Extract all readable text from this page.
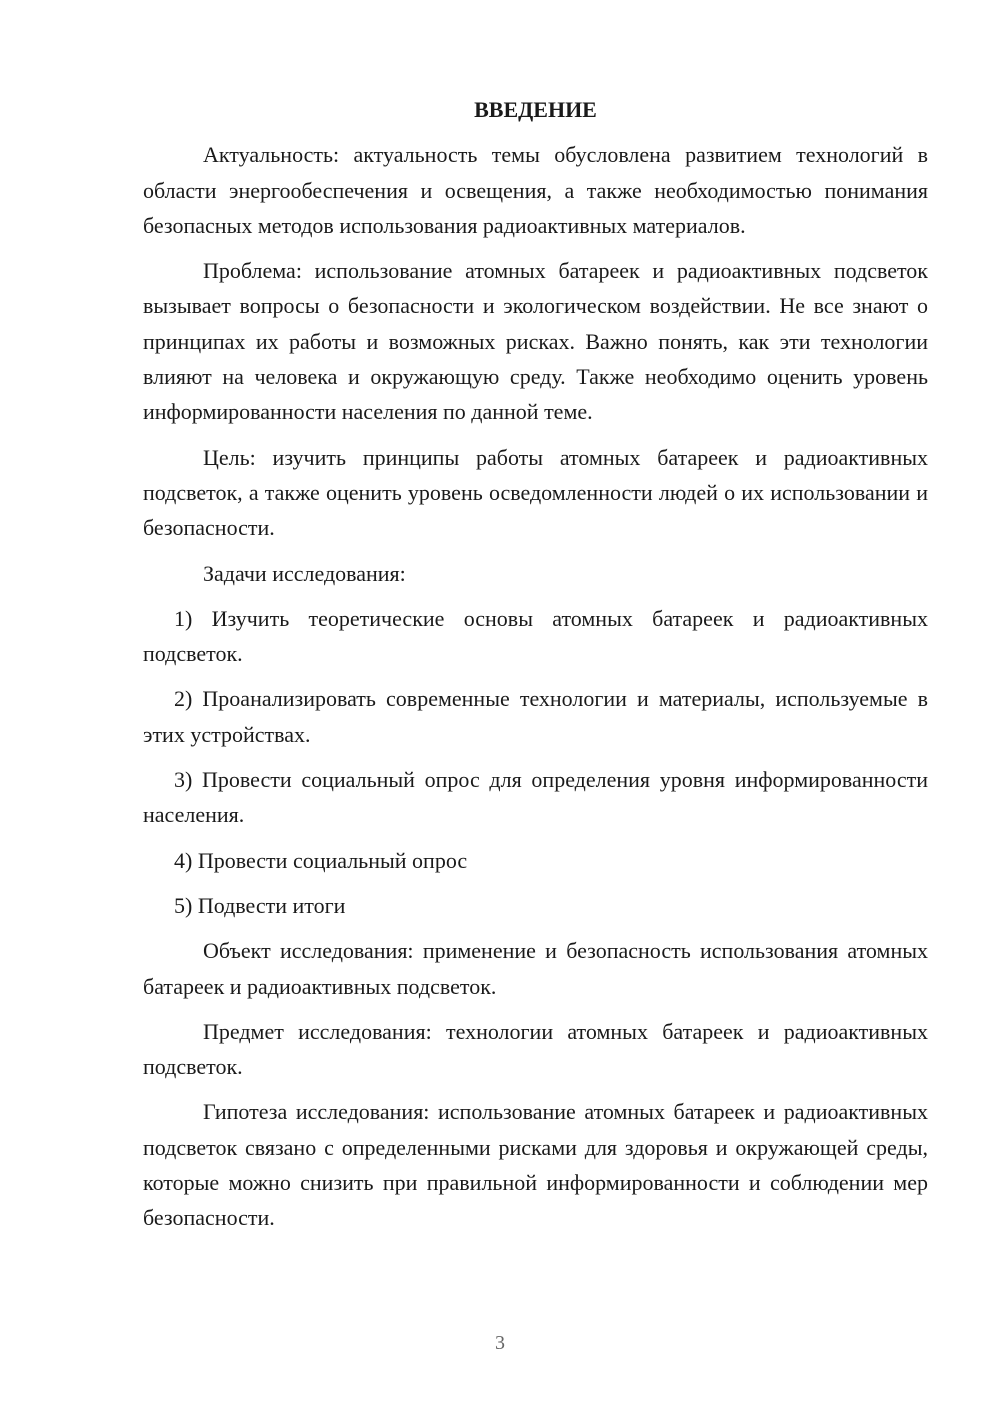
ВВЕДЕНИЕ

Актуальность: актуальность темы обусловлена развитием технологий в области энергообеспечения и освещения, а также необходимостью понимания безопасных методов использования радиоактивных материалов.

Проблема: использование атомных батареек и радиоактивных подсветок вызывает вопросы о безопасности и экологическом воздействии. Не все знают о принципах их работы и возможных рисках. Важно понять, как эти технологии влияют на человека и окружающую среду. Также необходимо оценить уровень информированности населения по данной теме.

Цель: изучить принципы работы атомных батареек и радиоактивных подсветок, а также оценить уровень осведомленности людей о их использовании и безопасности.

Задачи исследования:

1) Изучить теоретические основы атомных батареек и радиоактивных подсветок.

2) Проанализировать современные технологии и материалы, используемые в этих устройствах.

3) Провести социальный опрос для определения уровня информированности населения.

4) Провести социальный опрос

5) Подвести итоги

Объект исследования: применение и безопасность использования атомных батареек и радиоактивных подсветок.

Предмет исследования: технологии атомных батареек и радиоактивных подсветок.

Гипотеза исследования: использование атомных батареек и радиоактивных подсветок связано с определенными рисками для здоровья и окружающей среды, которые можно снизить при правильной информированности и соблюдении мер безопасности.

3
